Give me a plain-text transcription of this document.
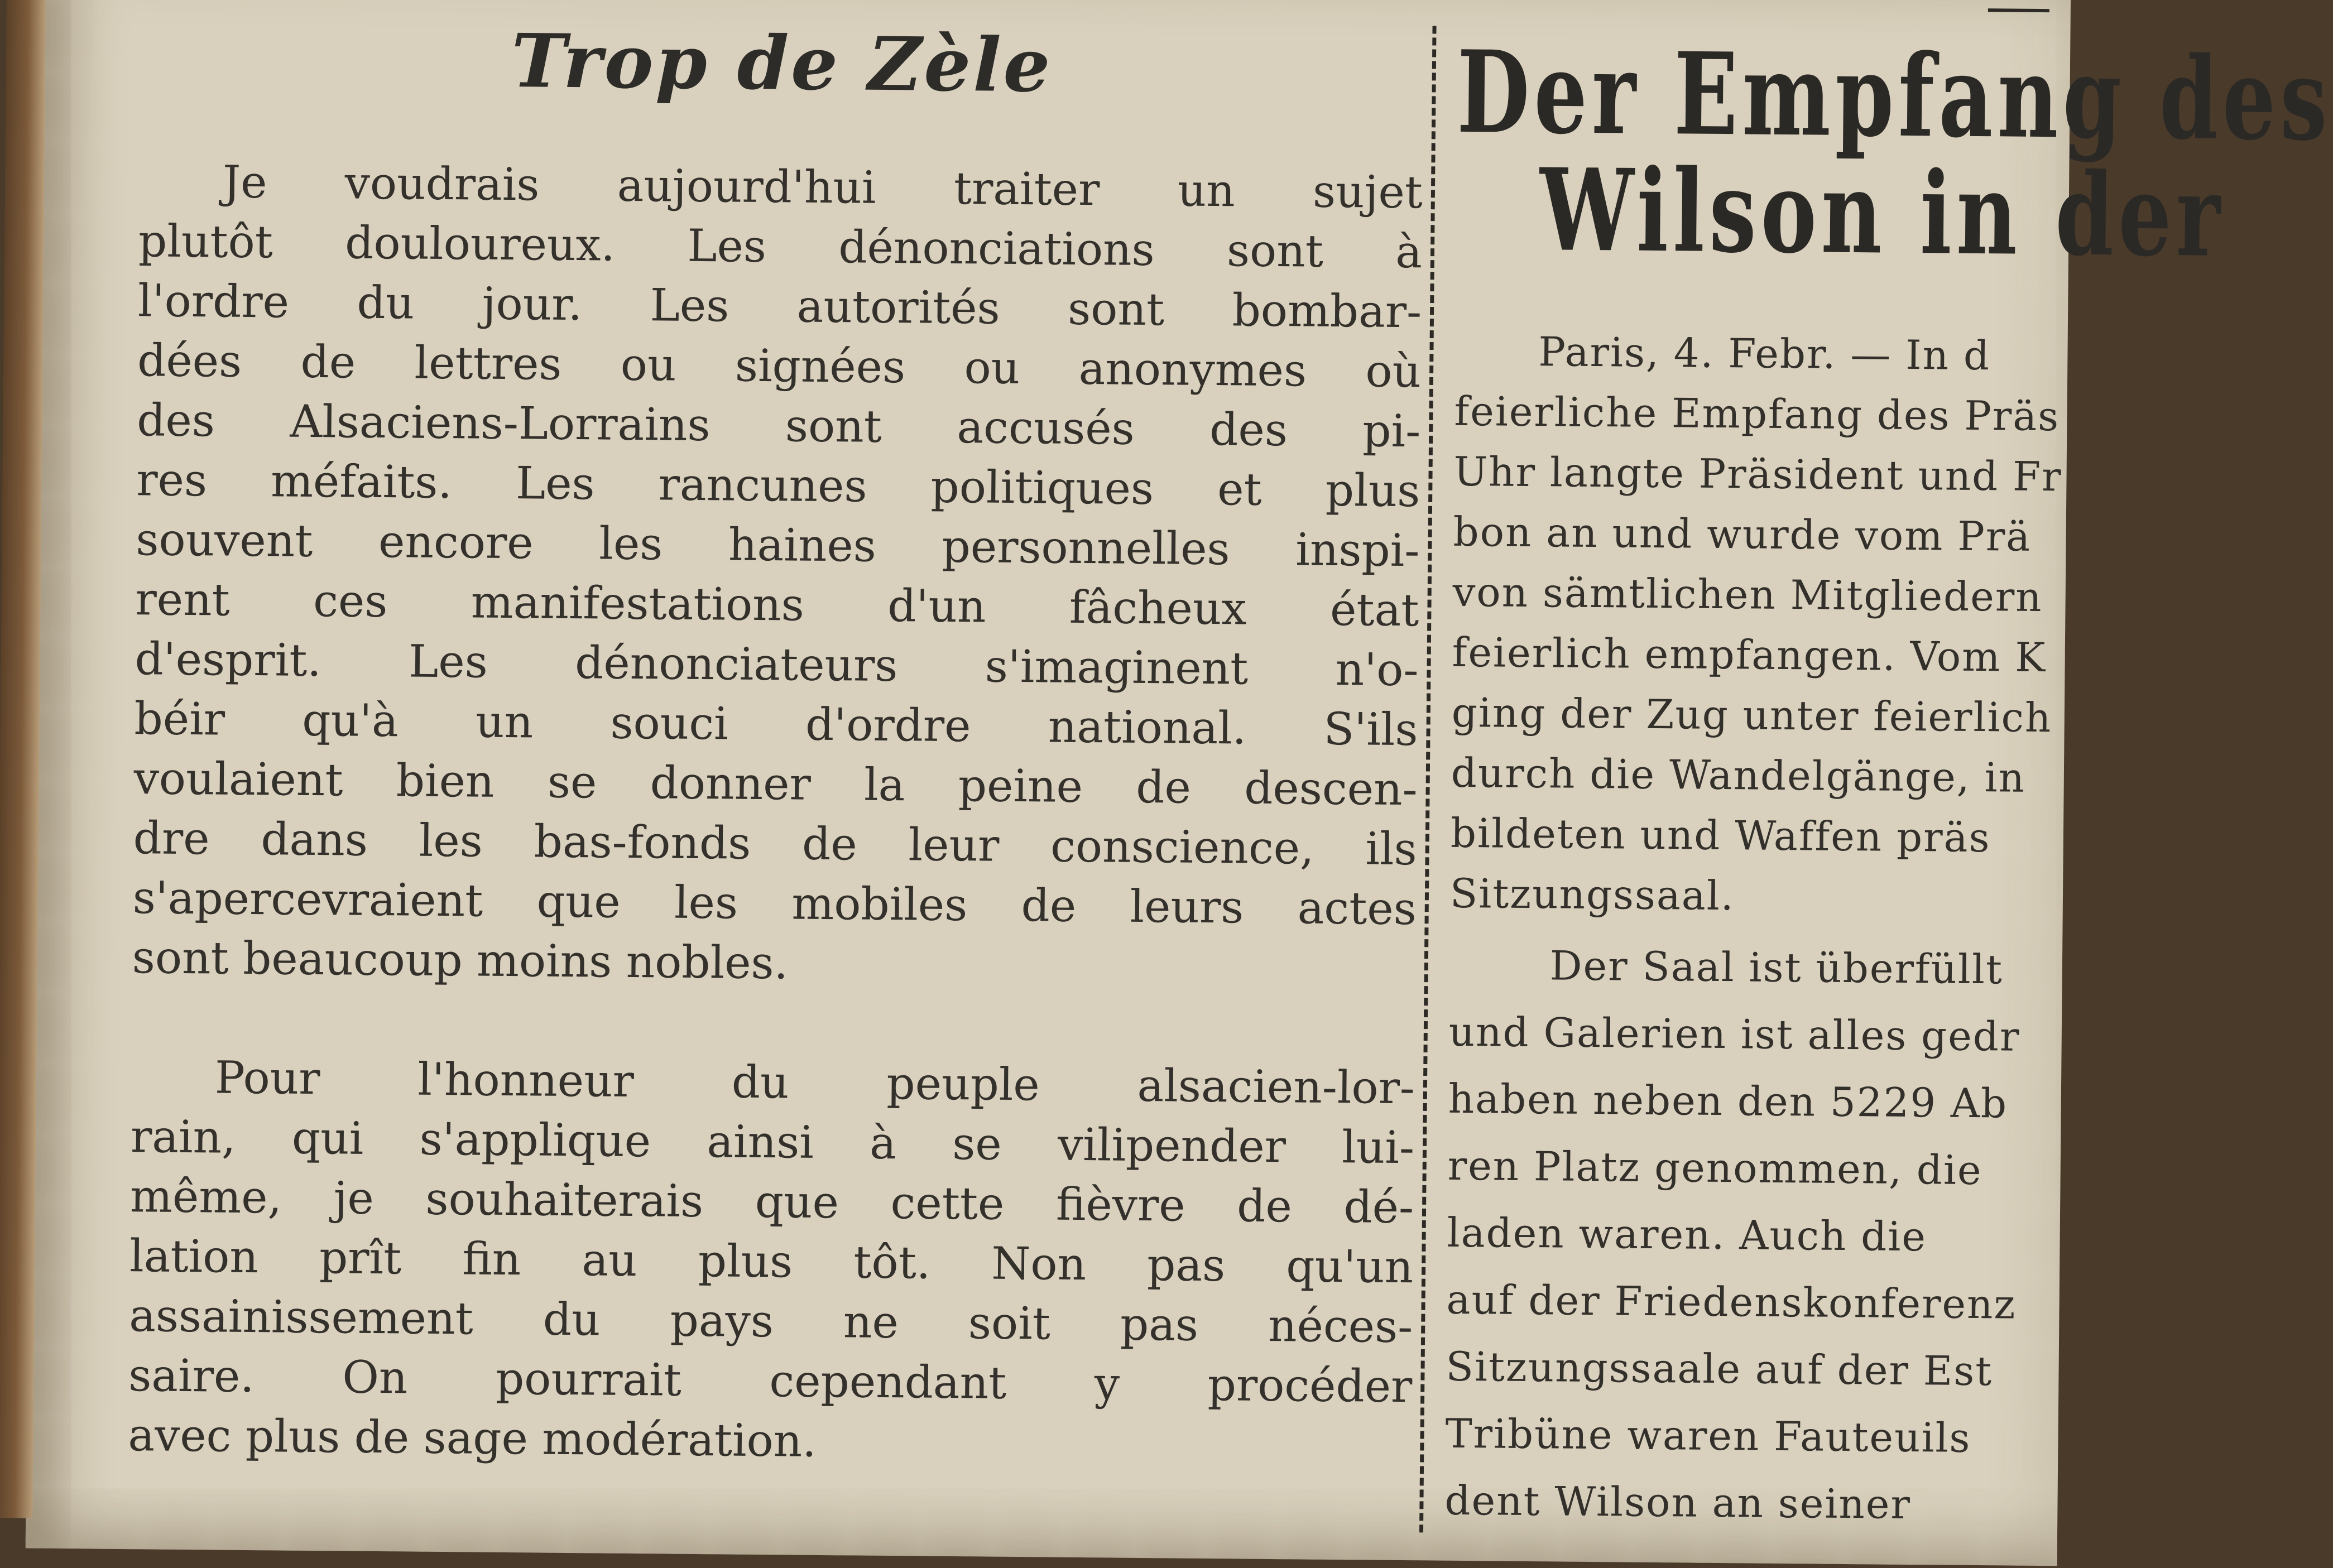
Trop de Zèle
Je voudrais aujourd'hui traiter un sujet
plutôt douloureux. Les dénonciations sont à
l'ordre du jour. Les autorités sont bombar-
dées de lettres ou signées ou anonymes où
des Alsaciens-Lorrains sont accusés des pi-
res méfaits. Les rancunes politiques et plus
souvent encore les haines personnelles inspi-
rent ces manifestations d'un fâcheux état
d'esprit. Les dénonciateurs s'imaginent n'o-
béir qu'à un souci d'ordre national. S'ils
voulaient bien se donner la peine de descen-
dre dans les bas-fonds de leur conscience, ils
s'apercevraient que les mobiles de leurs actes
sont beaucoup moins nobles.
Pour l'honneur du peuple alsacien-lor-
rain, qui s'applique ainsi à se vilipender lui-
même, je souhaiterais que cette fièvre de dé-
lation prît fin au plus tôt. Non pas qu'un
assainissement du pays ne soit pas néces-
saire. On pourrait cependant y procéder
avec plus de sage modération.
Der Empfang des
Wilson in der
Paris, 4. Febr. — In d
feierliche Empfang des Präs
Uhr langte Präsident und Fr
bon an und wurde vom Prä
von sämtlichen Mitgliedern
feierlich empfangen. Vom K
ging der Zug unter feierlich
durch die Wandelgänge, in
bildeten und Waffen präs
Sitzungssaal.
Der Saal ist überfüllt
und Galerien ist alles gedr
haben neben den 5229 Ab
ren Platz genommen, die
laden waren. Auch die
auf der Friedenskonferenz
Sitzungssaale auf der Est
Tribüne waren Fauteuils
dent Wilson an seiner
